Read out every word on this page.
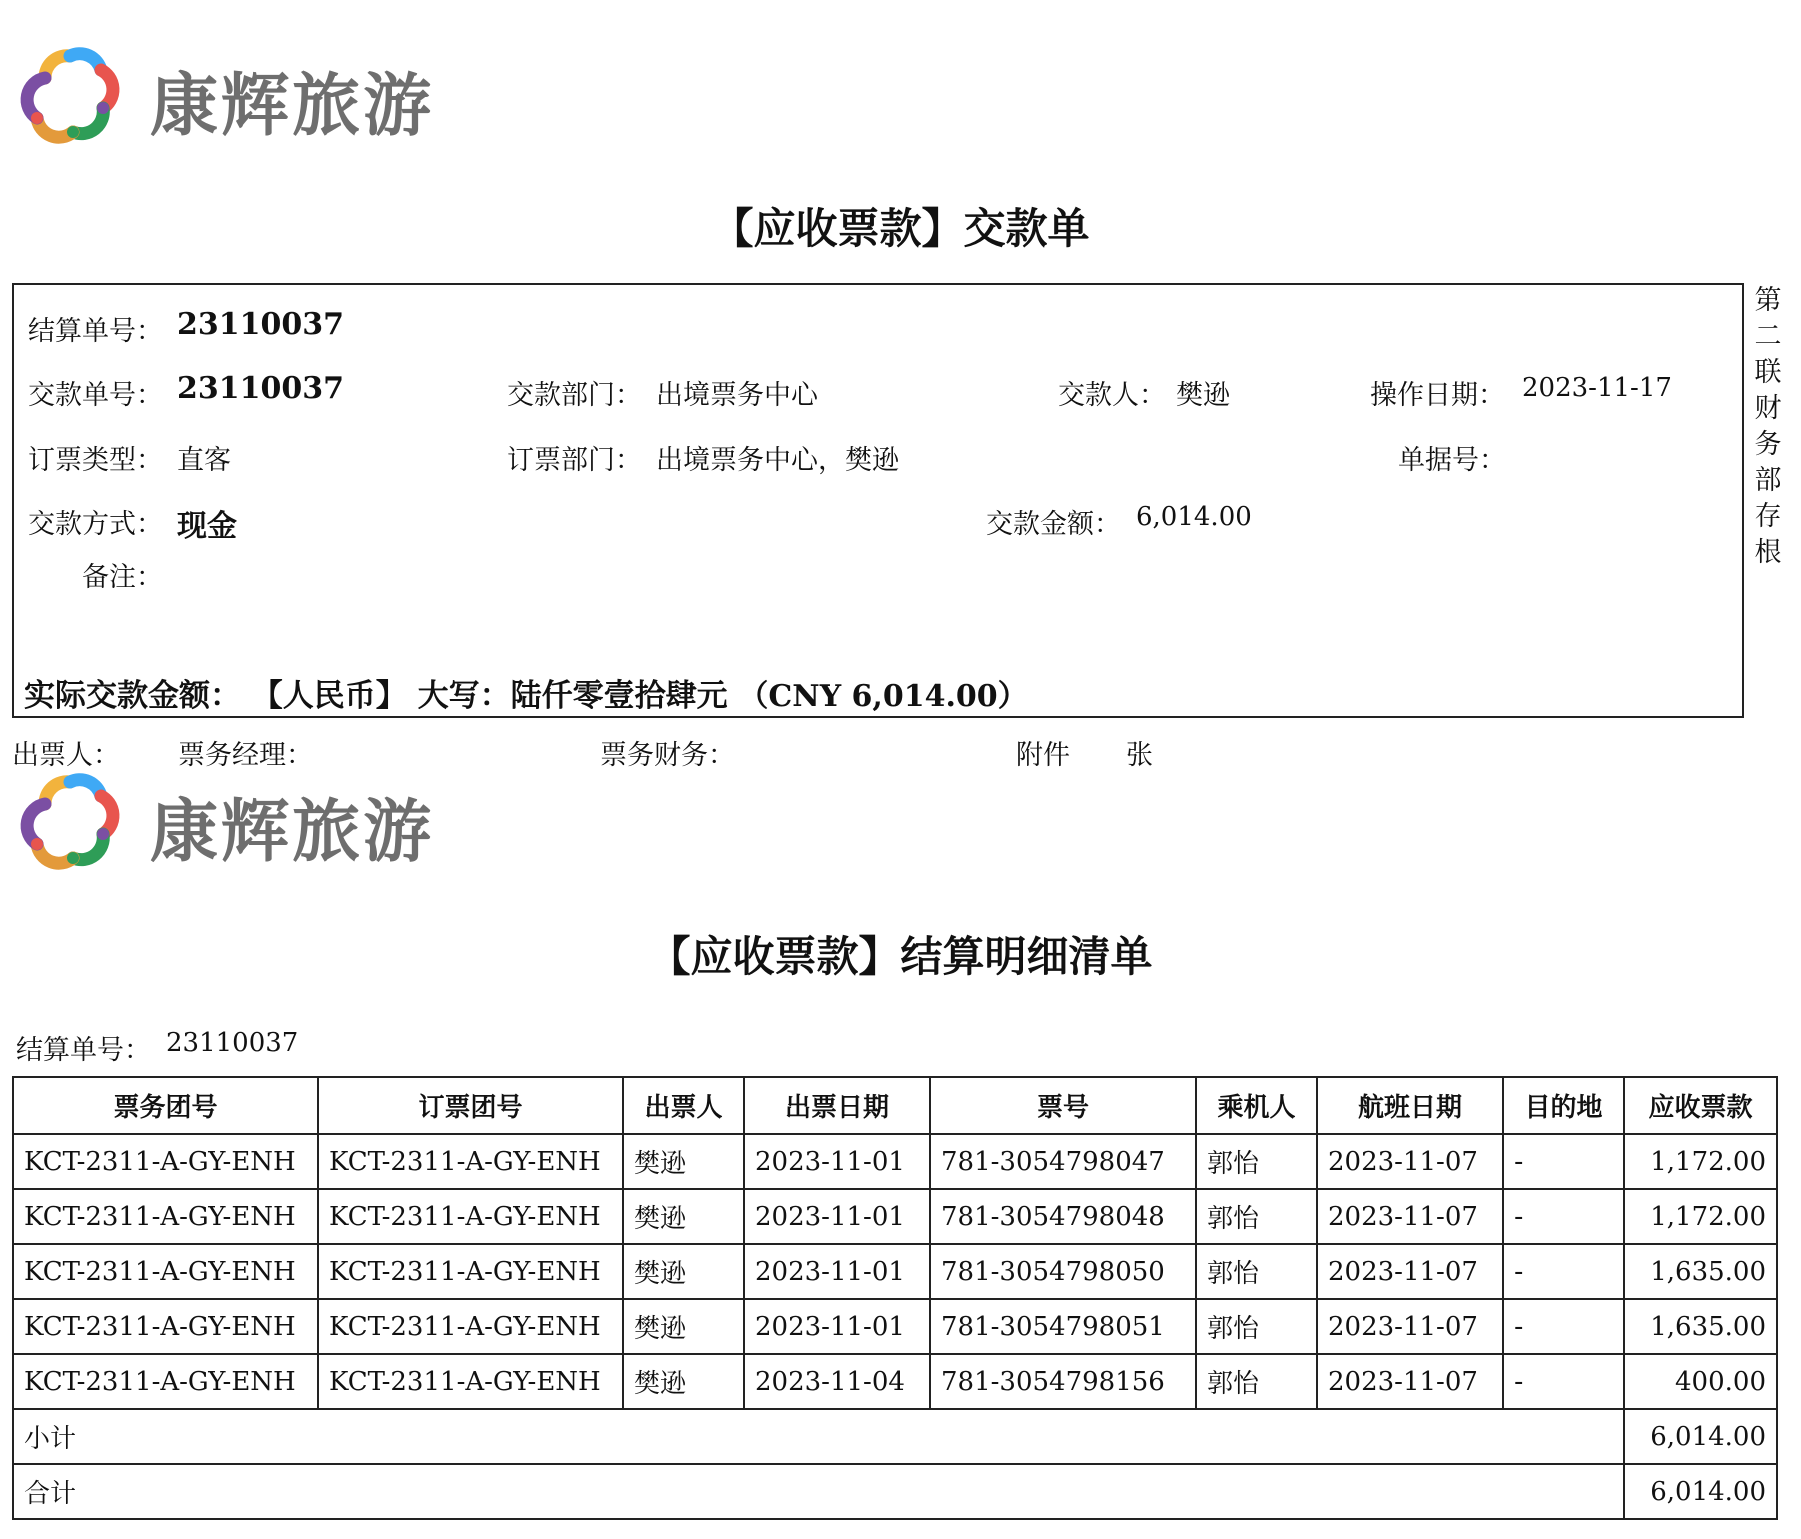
康辉旅游
【应收票款】交款单
结算单号： 23110037
交款单号： 23110037	交款部门： 出境票务中心	交款人： 樊逊	操作日期： 2023-11-17
订票类型： 直客	订票部门： 出境票务中心，樊逊	单据号：
交款方式： 现金	交款金额： 6,014.00
备注：
实际交款金额： 【人民币】 大写：陆仟零壹拾肆元 （CNY 6,014.00）
第
二
联
财
务
部
存
根
出票人： 票务经理：	票务财务：	附件 张
康辉旅游
【应收票款】结算明细清单
结算单号： 23110037
票务团号	订票团号	出票人	出票日期	票号	乘机人	航班日期	目的地	应收票款
KCT-2311-A-GY-ENH	KCT-2311-A-GY-ENH	樊逊	2023-11-01	781-3054798047	郭怡	2023-11-07	-	1,172.00
KCT-2311-A-GY-ENH	KCT-2311-A-GY-ENH	樊逊	2023-11-01	781-3054798048	郭怡	2023-11-07	-	1,172.00
KCT-2311-A-GY-ENH	KCT-2311-A-GY-ENH	樊逊	2023-11-01	781-3054798050	郭怡	2023-11-07	-	1,635.00
KCT-2311-A-GY-ENH	KCT-2311-A-GY-ENH	樊逊	2023-11-01	781-3054798051	郭怡	2023-11-07	-	1,635.00
KCT-2311-A-GY-ENH	KCT-2311-A-GY-ENH	樊逊	2023-11-04	781-3054798156	郭怡	2023-11-07	-	400.00
小计								6,014.00
合计								6,014.00
